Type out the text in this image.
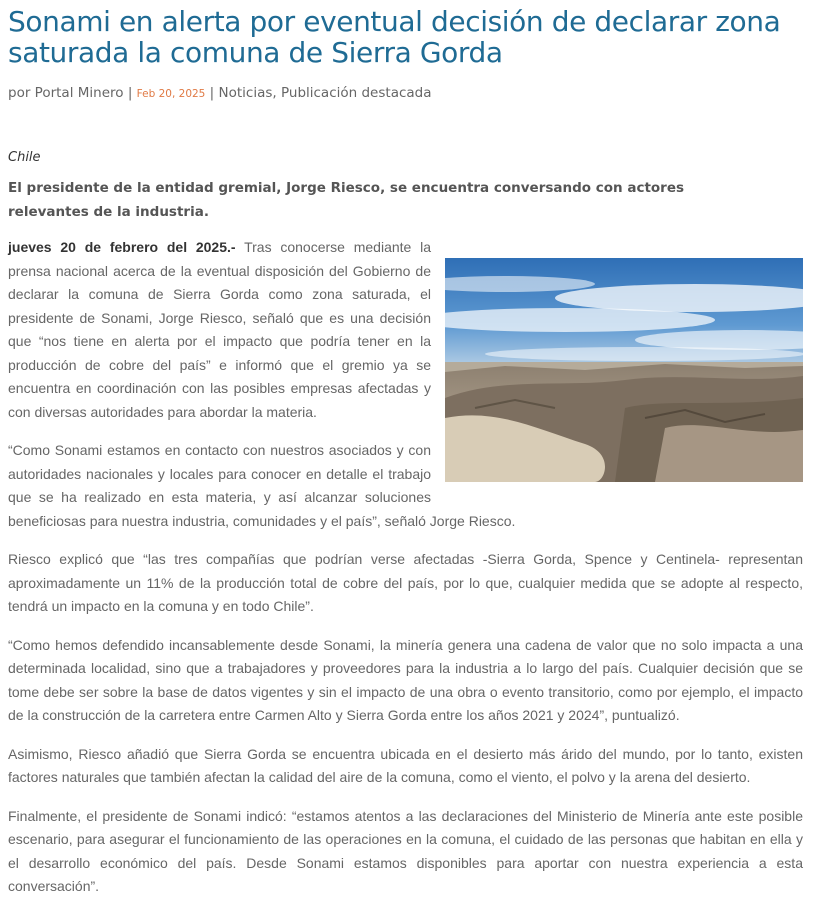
Sonami en alerta por eventual decisión de declarar zona saturada la comuna de Sierra Gorda
por Portal Minero | Feb 20, 2025 | Noticias, Publicación destacada
Chile
El presidente de la entidad gremial, Jorge Riesco, se encuentra conversando con actores relevantes de la industria.

jueves 20 de febrero del 2025.- Tras conocerse mediante la prensa nacional acerca de la eventual disposición del Gobierno de declarar la comuna de Sierra Gorda como zona saturada, el presidente de Sonami, Jorge Riesco, señaló que es una decisión que “nos tiene en alerta por el impacto que podría tener en la producción de cobre del país” e informó que el gremio ya se encuentra en coordinación con las posibles empresas afectadas y con diversas autoridades para abordar la materia.

“Como Sonami estamos en contacto con nuestros asociados y con autoridades nacionales y locales para conocer en detalle el trabajo que se ha realizado en esta materia, y así alcanzar soluciones beneficiosas para nuestra industria, comunidades y el país”, señaló Jorge Riesco.

Riesco explicó que “las tres compañías que podrían verse afectadas -Sierra Gorda, Spence y Centinela- representan aproximadamente un 11% de la producción total de cobre del país, por lo que, cualquier medida que se adopte al respecto, tendrá un impacto en la comuna y en todo Chile”.

“Como hemos defendido incansablemente desde Sonami, la minería genera una cadena de valor que no solo impacta a una determinada localidad, sino que a trabajadores y proveedores para la industria a lo largo del país. Cualquier decisión que se tome debe ser sobre la base de datos vigentes y sin el impacto de una obra o evento transitorio, como por ejemplo, el impacto de la construcción de la carretera entre Carmen Alto y Sierra Gorda entre los años 2021 y 2024”, puntualizó.

Asimismo, Riesco añadió que Sierra Gorda se encuentra ubicada en el desierto más árido del mundo, por lo tanto, existen factores naturales que también afectan la calidad del aire de la comuna, como el viento, el polvo y la arena del desierto.

Finalmente, el presidente de Sonami indicó: “estamos atentos a las declaraciones del Ministerio de Minería ante este posible escenario, para asegurar el funcionamiento de las operaciones en la comuna, el cuidado de las personas que habitan en ella y el desarrollo económico del país. Desde Sonami estamos disponibles para aportar con nuestra experiencia a esta conversación”.
